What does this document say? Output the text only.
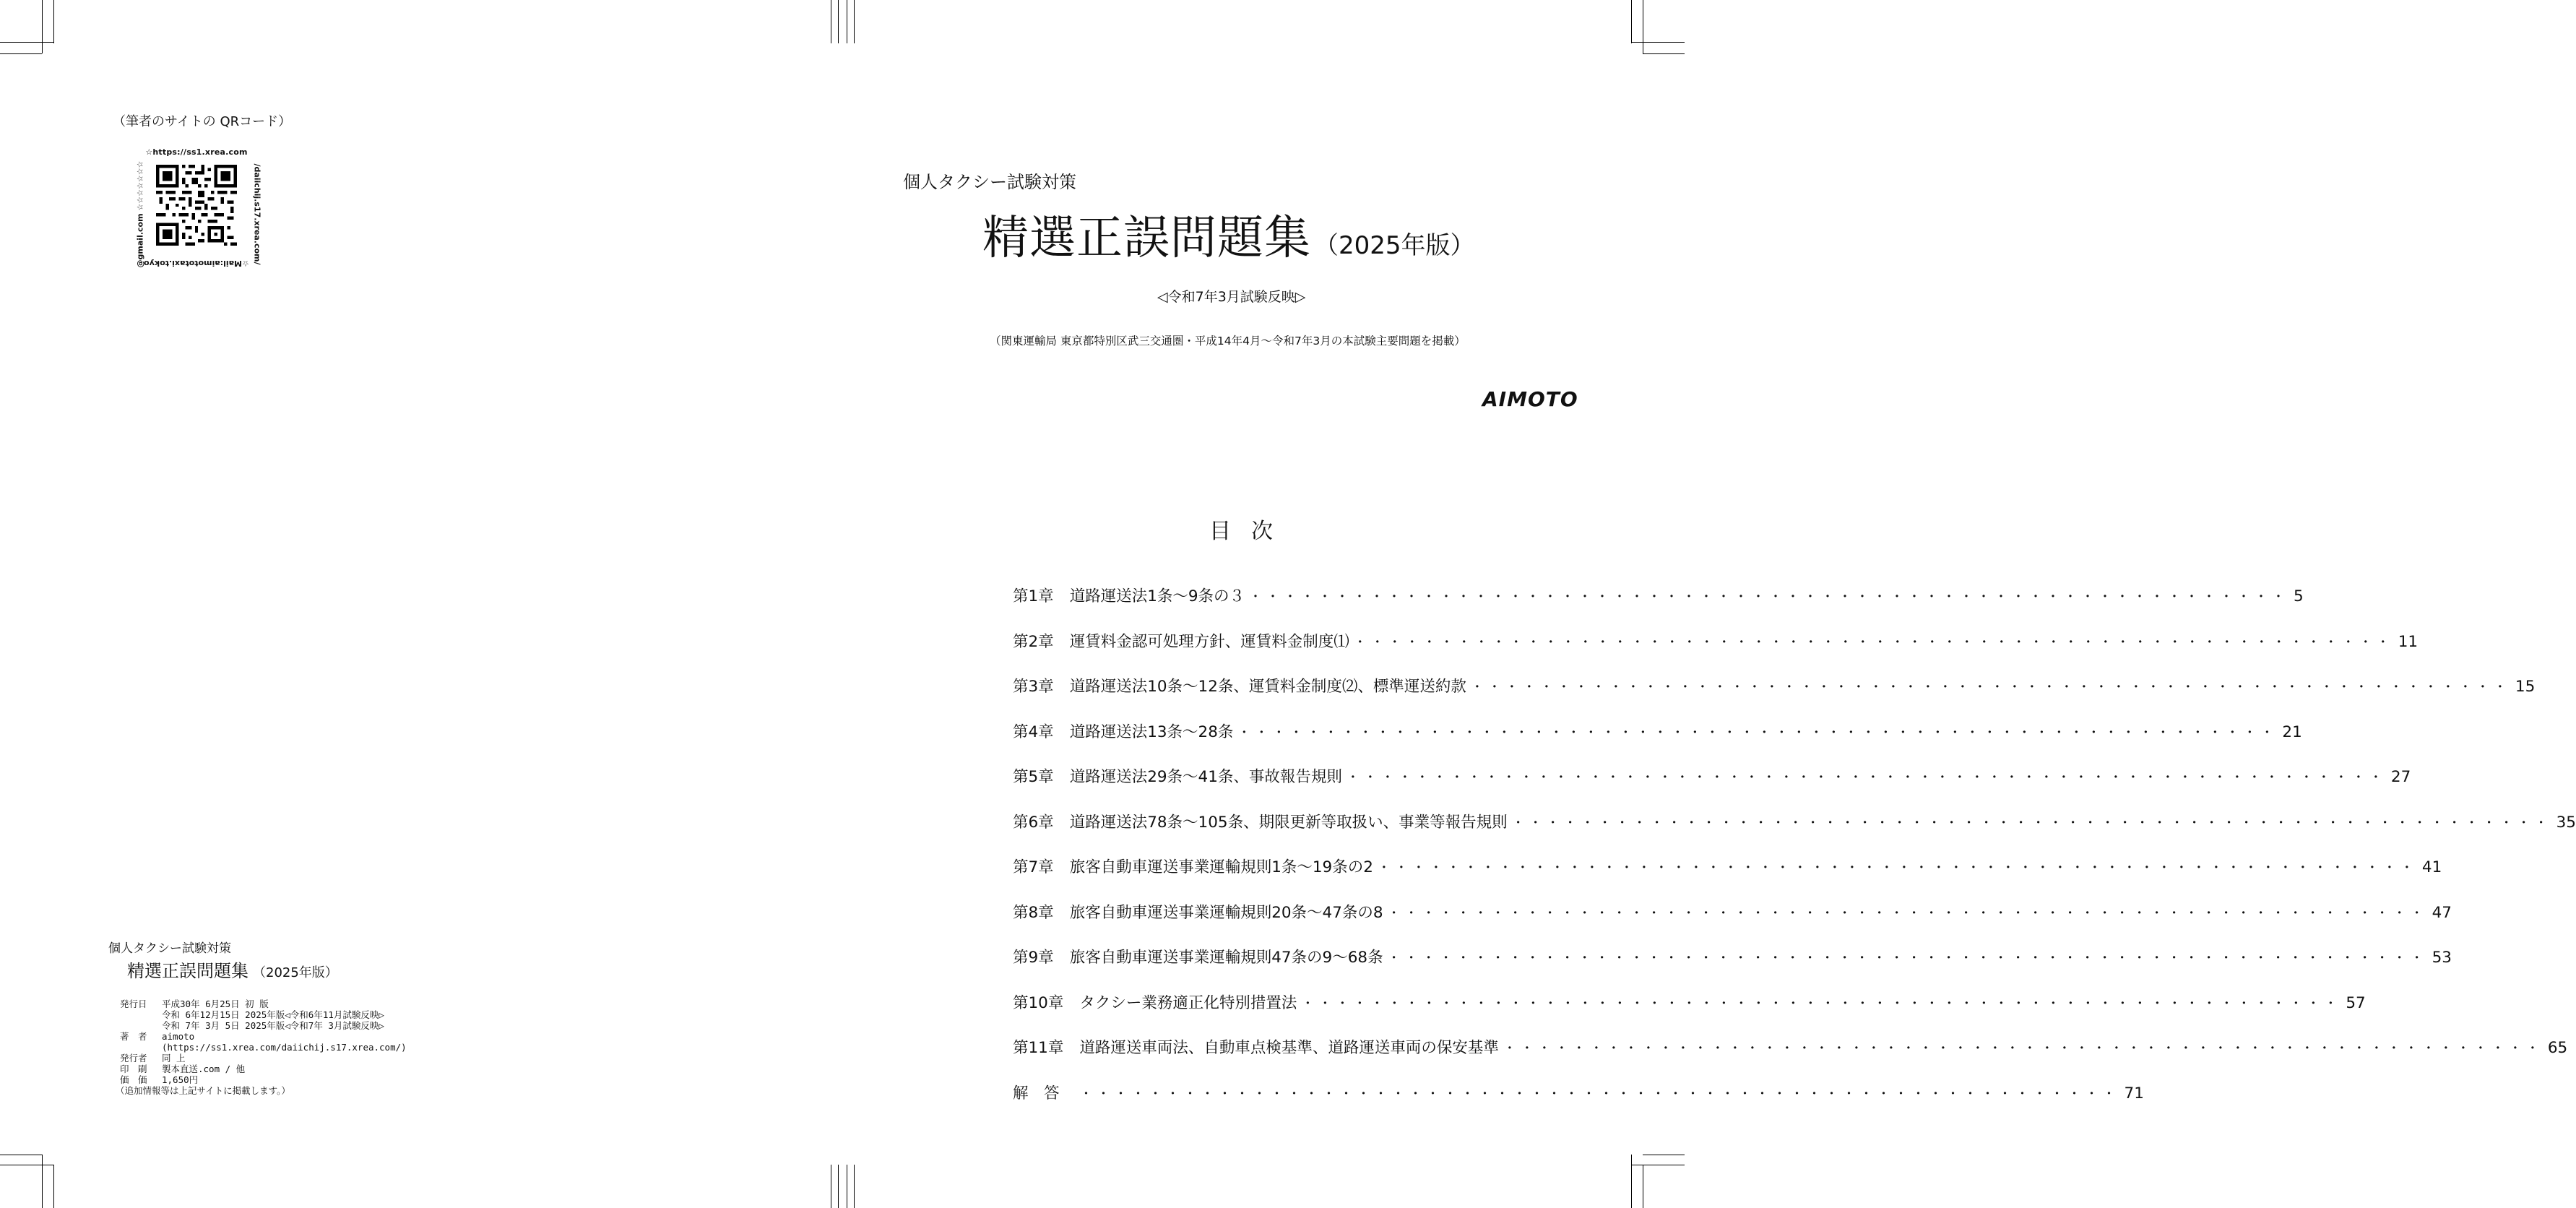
（筆者のサイトの QRコード）
☆https://ss1.xrea.com
@gmail.com ☆☆☆☆☆☆☆	/daiichij.s17.xrea.com/
☆Mail:aimototaxi.tokyo
個人タクシー試験対策
精選正誤問題集 （2025年版）
発行日	平成30年 6月25日 初 版
令和 6年12月15日 2025年版◁令和6年11月試験反映▷
令和 7年 3月 5日 2025年版◁令和7年 3月試験反映▷
著　者	aimoto
(https://ss1.xrea.com/daiichij.s17.xrea.com/)
発行者	同 上
印　刷	製本直送.com / 他
価　価	1,650円
（追加情報等は上記サイトに掲載します。）
個人タクシー試験対策
精選正誤問題集 （2025年版）
◁令和7年3月試験反映▷
（関東運輸局 東京都特別区武三交通圏・平成14年4月～令和7年3月の本試験主要問題を掲載）
AIMOTO
目次
第1章 道路運送法1条～9条の３ ・・・・・・・・・・・・・・・・・・・・・・・・・・・・・・・・・・・・・・・・・・・・・・・・・・・・・・・・・・・・ 5
第2章 運賃料金認可処理方針、運賃料金制度⑴ ・・・・・・・・・・・・・・・・・・・・・・・・・・・・・・・・・・・・・・・・・・・・・・・・・・・・・・・・・・・・ 11
第3章 道路運送法10条～12条、運賃料金制度⑵、標準運送約款 ・・・・・・・・・・・・・・・・・・・・・・・・・・・・・・・・・・・・・・・・・・・・・・・・・・・・・・・・・・・・ 15
第4章 道路運送法13条～28条 ・・・・・・・・・・・・・・・・・・・・・・・・・・・・・・・・・・・・・・・・・・・・・・・・・・・・・・・・・・・・ 21
第5章 道路運送法29条～41条、事故報告規則 ・・・・・・・・・・・・・・・・・・・・・・・・・・・・・・・・・・・・・・・・・・・・・・・・・・・・・・・・・・・・ 27
第6章 道路運送法78条～105条、期限更新等取扱い、事業等報告規則 ・・・・・・・・・・・・・・・・・・・・・・・・・・・・・・・・・・・・・・・・・・・・・・・・・・・・・・・・・・・・ 35
第7章 旅客自動車運送事業運輸規則1条～19条の2 ・・・・・・・・・・・・・・・・・・・・・・・・・・・・・・・・・・・・・・・・・・・・・・・・・・・・・・・・・・・・ 41
第8章 旅客自動車運送事業運輸規則20条～47条の8 ・・・・・・・・・・・・・・・・・・・・・・・・・・・・・・・・・・・・・・・・・・・・・・・・・・・・・・・・・・・・ 47
第9章 旅客自動車運送事業運輸規則47条の9～68条 ・・・・・・・・・・・・・・・・・・・・・・・・・・・・・・・・・・・・・・・・・・・・・・・・・・・・・・・・・・・・ 53
第10章 タクシー業務適正化特別措置法 ・・・・・・・・・・・・・・・・・・・・・・・・・・・・・・・・・・・・・・・・・・・・・・・・・・・・・・・・・・・・ 57
第11章 道路運送車両法、自動車点検基準、道路運送車両の保安基準 ・・・・・・・・・・・・・・・・・・・・・・・・・・・・・・・・・・・・・・・・・・・・・・・・・・・・・・・・・・・・ 65
解　答 ・・・・・・・・・・・・・・・・・・・・・・・・・・・・・・・・・・・・・・・・・・・・・・・・・・・・・・・・・・・・ 71
